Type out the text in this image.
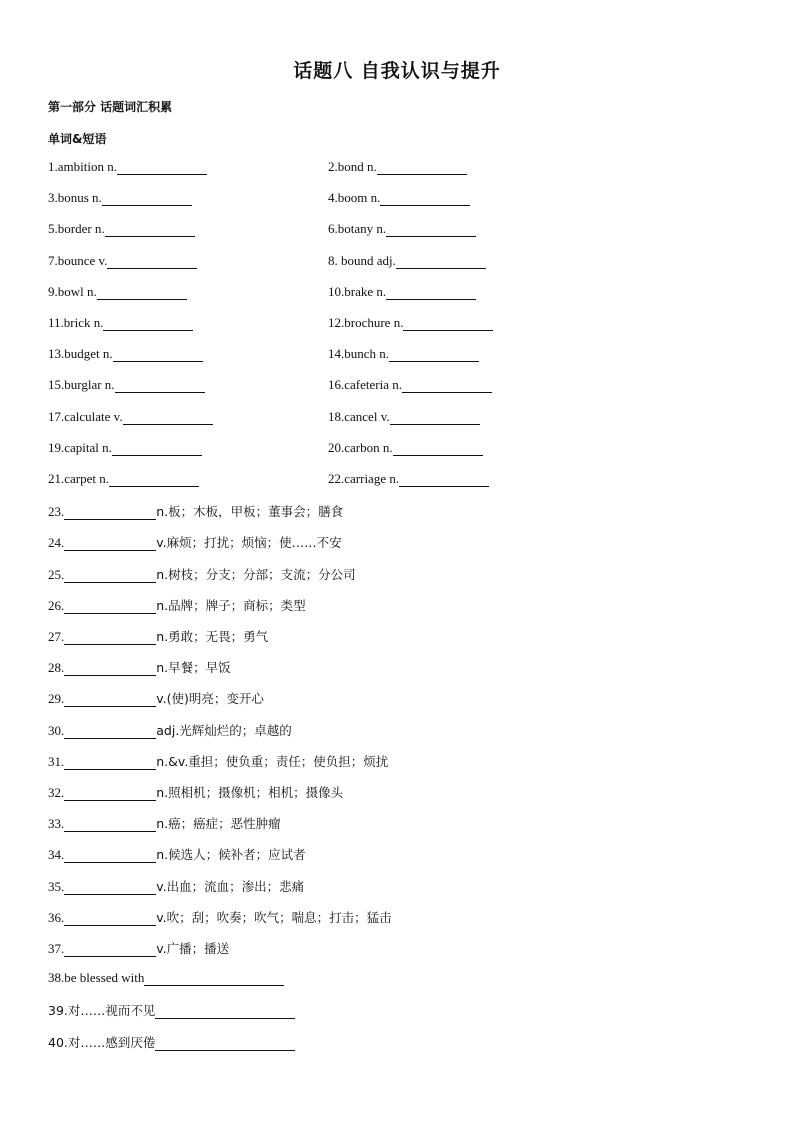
话题八 自我认识与提升
第一部分 话题词汇积累
单词&短语
1.ambition n.	2.bond n.
3.bonus n.	4.boom n.
5.border n.	6.botany n.
7.bounce v.	8. bound adj.
9.bowl n.	10.brake n.
11.brick n.	12.brochure n.
13.budget n.	14.bunch n.
15.burglar n.	16.cafeteria n.
17.calculate v.	18.cancel v.
19.capital n.	20.carbon n.
21.carpet n.	22.carriage n.
23.	n.板；木板，甲板；董事会；膳食
24.	v.麻烦；打扰；烦恼；使……不安
25.	n.树枝；分支；分部；支流；分公司
26.	n.品牌；牌子；商标；类型
27.	n.勇敢；无畏；勇气
28.	n.早餐；早饭
29.	v.(使)明亮；变开心
30.	adj.光辉灿烂的；卓越的
31.	n.&v.重担；使负重；责任；使负担；烦扰
32.	n.照相机；摄像机；相机；摄像头
33.	n.癌；癌症；恶性肿瘤
34.	n.候选人；候补者；应试者
35.	v.出血；流血；渗出；悲痛
36.	v.吹；刮；吹奏；吹气；喘息；打击；猛击
37.	v.广播；播送
38.be blessed with
39.对……视而不见
40.对……感到厌倦
